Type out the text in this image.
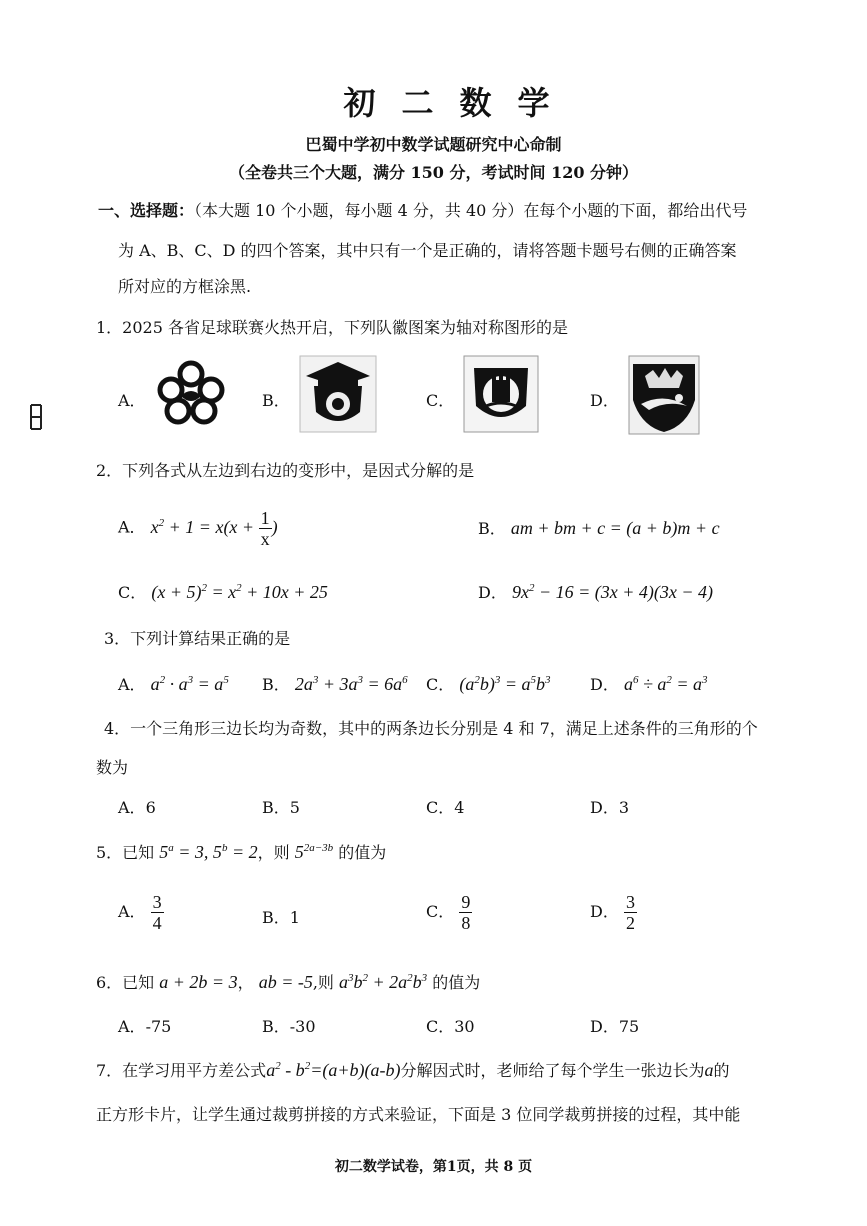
初二数学
巴蜀中学初中数学试题研究中心命制
（全卷共三个大题，满分 150 分，考试时间 120 分钟）
一、选择题：（本大题 10 个小题，每小题 4 分，共 40 分）在每个小题的下面，都给出代号
为 A、B、C、D 的四个答案，其中只有一个是正确的，请将答题卡题号右侧的正确答案
所对应的方框涂黑.
1．2025 各省足球联赛火热开启，下列队徽图案为轴对称图形的是
A．	B．	C．	D．
2．下列各式从左边到右边的变形中，是因式分解的是
A． $x^2 + 1 = x(x + \frac{1}{x}$ )	B． am + bm + c = (a + b)m + c
C． $(x + 5)^2 = x^2 + 10x + 25$	D． $9x^2 - 16 = (3x + 4)(3x - 4)$
3．下列计算结果正确的是
A． $a^2 \cdot a^3 = a^5$ B． $2a^3 + 3a^3 = 6a^6$ C． $(a^2b)^3 = a^5b^3$ D． $a^6 \div a^2 = a^3$
4．一个三角形三边长均为奇数，其中的两条边长分别是 4 和 7，满足上述条件的三角形的个
数为
A．6	B．5	C．4	D．3
5．已知 $5^a = 3$, $5^b = 2$，则 $5^{2a-3b}$ 的值为
A． $\frac{3}{4}$	B．1	C． $\frac{9}{8}$	D． $\frac{3}{2}$
6．已知 a + 2b = 3， ab = -5,则 $a^3b^2 + 2a^2b^3$ 的值为
A．-75	B．-30	C．30	D．75
7．在学习用平方差公式$a^2 - b^2=(a+b)(a-b)$分解因式时，老师给了每个学生一张边长为a的
正方形卡片，让学生通过裁剪拼接的方式来验证，下面是 3 位同学裁剪拼接的过程，其中能
初二数学试卷，第1页，共 8 页
